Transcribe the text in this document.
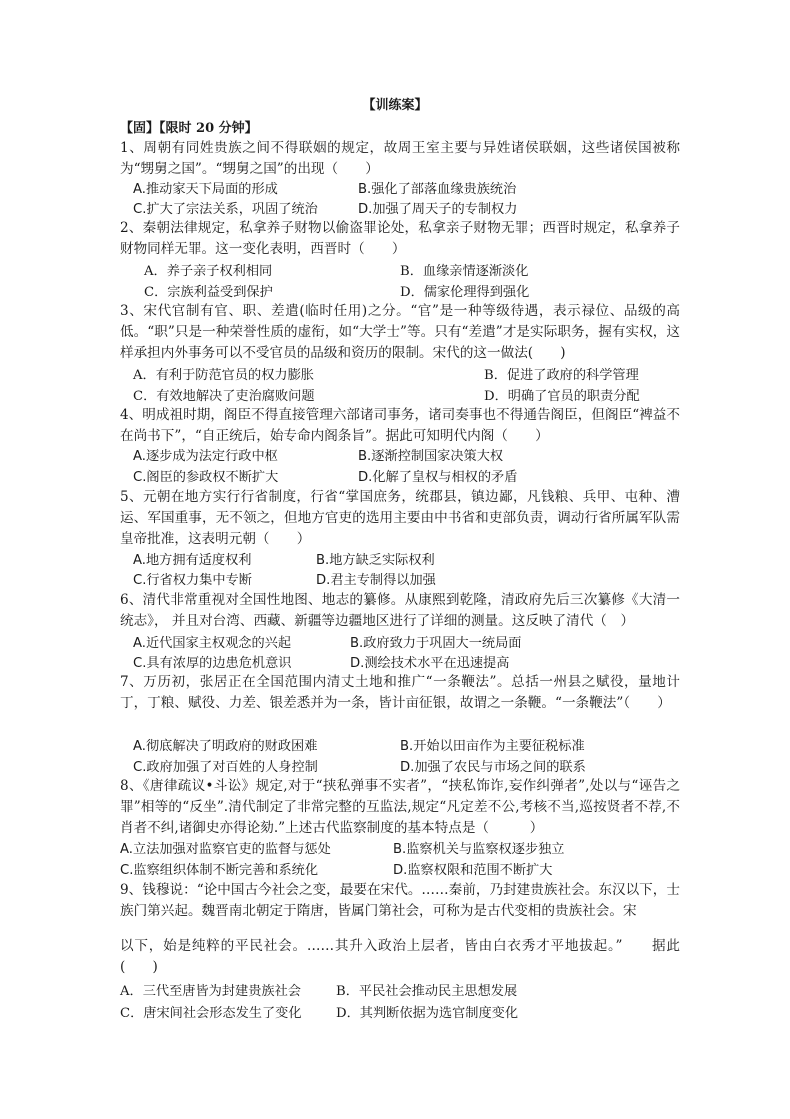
【训练案】
【固】【限时 20 分钟】

1、周朝有同姓贵族之间不得联姻的规定，故周王室主要与异姓诸侯联姻，这些诸侯国被称为“甥舅之国”。“甥舅之国”的出现（　　）

A.推动家天下局面的形成	B.强化了部落血缘贵族统治
C.扩大了宗法关系，巩固了统治	D.加强了周天子的专制权力

2、秦朝法律规定，私拿养子财物以偷盗罪论处，私拿亲子财物无罪；西晋时规定，私拿养子财物同样无罪。这一变化表明，西晋时（　　）

A．养子亲子权利相同	B．血缘亲情逐渐淡化
C．宗族利益受到保护	D．儒家伦理得到强化

3、宋代官制有官、职、差遣(临时任用)之分。“官”是一种等级待遇，表示禄位、品级的高低。“职”只是一种荣誉性质的虚衔，如“大学士”等。只有“差遣”才是实际职务，握有实权，这样承担内外事务可以不受官员的品级和资历的限制。宋代的这一做法(　　)

A．有利于防范官员的权力膨胀	B．促进了政府的科学管理
C．有效地解决了吏治腐败问题	D．明确了官员的职责分配

4、明成祖时期，阁臣不得直接管理六部诸司事务，诸司奏事也不得通告阁臣，但阁臣“裨益不在尚书下”，“自正统后，始专命内阁条旨”。据此可知明代内阁（　　）

A.逐步成为法定行政中枢	B.逐渐控制国家决策大权
C.阁臣的参政权不断扩大	D.化解了皇权与相权的矛盾

5、元朝在地方实行行省制度，行省“掌国庶务，统郡县，镇边鄙，凡钱粮、兵甲、屯种、漕运、军国重事，无不领之，但地方官吏的选用主要由中书省和吏部负责，调动行省所属军队需皇帝批准，这表明元朝（　　）

A.地方拥有适度权利	B.地方缺乏实际权利
C.行省权力集中专断	D.君主专制得以加强

6、清代非常重视对全国性地图、地志的纂修。从康熙到乾隆，清政府先后三次纂修《大清一统志》， 并且对台湾、西藏、新疆等边疆地区进行了详细的测量。这反映了清代（　）

A.近代国家主权观念的兴起	B.政府致力于巩固大一统局面
C.具有浓厚的边患危机意识	D.测绘技术水平在迅速提高

7、万历初，张居正在全国范围内清丈土地和推广“一条鞭法”。总括一州县之赋役，量地计丁，丁粮、赋役、力差、银差悉并为一条，皆计亩征银，故谓之一条鞭。“一条鞭法”（　　）

A.彻底解决了明政府的财政困难	B.开始以田亩作为主要征税标准
C.政府加强了对百姓的人身控制	D.加强了农民与市场之间的联系

8、《唐律疏议•斗讼》规定,对于“挟私弹事不实者”，“挟私饰诈,妄作纠弹者”,处以与“诬告之罪”相等的“反坐”.清代制定了非常完整的互监法,规定“凡定差不公,考核不当,巡按贤者不荐,不肖者不纠,诸御史亦得论劾.”上述古代监察制度的基本特点是（　　　）

A.立法加强对监察官吏的监督与惩处	B.监察机关与监察权逐步独立
C.监察组织体制不断完善和系统化	D.监察权限和范围不断扩大

9、钱穆说：“论中国古今社会之变，最要在宋代。……秦前，乃封建贵族社会。东汉以下，士族门第兴起。魏晋南北朝定于隋唐，皆属门第社会，可称为是古代变相的贵族社会。宋

以下，始是纯粹的平民社会。……其升入政治上层者，皆由白衣秀才平地拔起。”　　据此(　　)

A．三代至唐皆为封建贵族社会	B．平民社会推动民主思想发展
C．唐宋间社会形态发生了变化	D．其判断依据为选官制度变化
